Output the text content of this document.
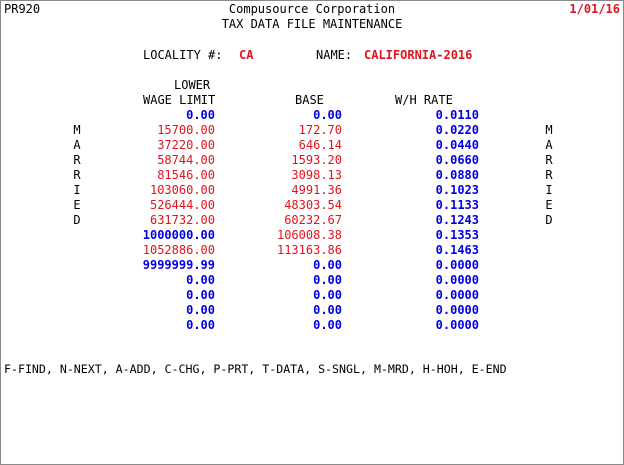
PR920	Compusource Corporation
TAX DATA FILE MAINTENANCE
1/01/16
LOCALITY #: CA	NAME: CALIFORNIA-2016
LOWER
WAGE LIMIT	BASE	W/H RATE
M
A
R
R
I
E
D
M
A
R
R
I
E
D
0.00	0.00	0.0110
15700.00	172.70	0.0220
37220.00	646.14	0.0440
58744.00	1593.20	0.0660
81546.00	3098.13	0.0880
103060.00	4991.36	0.1023
526444.00	48303.54	0.1133
631732.00	60232.67	0.1243
1000000.00	106008.38	0.1353
1052886.00	113163.86	0.1463
9999999.99	0.00	0.0000
0.00	0.00	0.0000
0.00	0.00	0.0000
0.00	0.00	0.0000
0.00	0.00	0.0000
F-FIND, N-NEXT, A-ADD, C-CHG, P-PRT, T-DATA, S-SNGL, M-MRD, H-HOH, E-END
